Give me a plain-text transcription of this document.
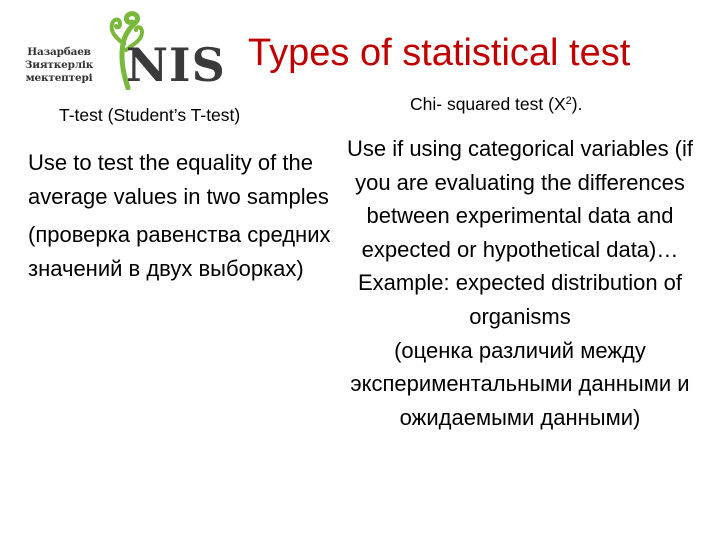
Назарбаев
Зияткерлік
мектептері NIS Types of statistical test
T-test (Student’s T-test)
Chi- squared test $(X^2)$.

Use to test the equality of the average values in two samples

(проверка равенства средних значений в двух выборках)

Use if using categorical variables (if you are evaluating the differences between experimental data and expected or hypothetical data)… Example: expected distribution of organisms

(оценка различий между экспериментальными данными и ожидаемыми данными)
